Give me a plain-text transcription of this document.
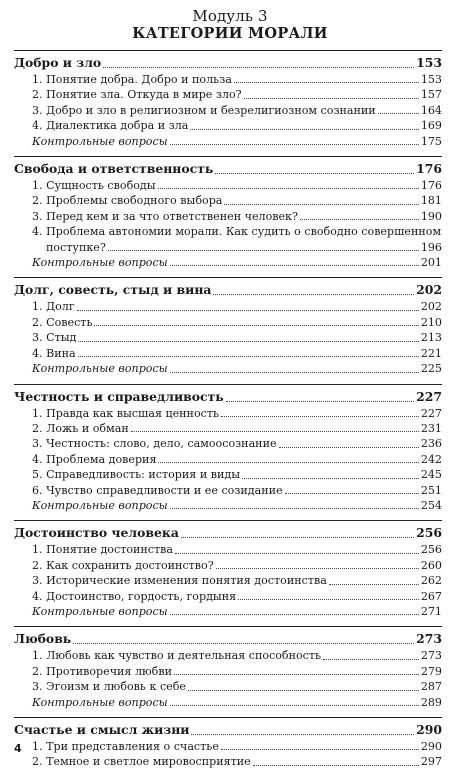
Модуль 3
КАТЕГОРИИ МОРАЛИ
Добро и зло	153
1. Понятие добра. Добро и польза	153
2. Понятие зла. Откуда в мире зло?	157
3. Добро и зло в религиозном и безрелигиозном сознании	164
4. Диалектика добра и зла	169
Контрольные вопросы	175
Свобода и ответственность	176
1. Сущность свободы	176
2. Проблемы свободного выбора	181
3. Перед кем и за что ответственен человек?	190
4. Проблема автономии морали. Как судить о свободно совершенном
поступке?	196
Контрольные вопросы	201
Долг, совесть, стыд и вина	202
1. Долг	202
2. Совесть	210
3. Стыд	213
4. Вина	221
Контрольные вопросы	225
Честность и справедливость	227
1. Правда как высшая ценность	227
2. Ложь и обман	231
3. Честность: слово, дело, самоосознание	236
4. Проблема доверия	242
5. Справедливость: история и виды	245
6. Чувство справедливости и ее созидание	251
Контрольные вопросы	254
Достоинство человека	256
1. Понятие достоинства	256
2. Как сохранить достоинство?	260
3. Исторические изменения понятия достоинства	262
4. Достоинство, гордость, гордыня	267
Контрольные вопросы	271
Любовь	273
1. Любовь как чувство и деятельная способность	273
2. Противоречия любви	279
3. Эгоизм и любовь к себе	287
Контрольные вопросы	289
Счастье и смысл жизни	290
1. Три представления о счастье	290
2. Темное и светлое мировосприятие	297
4
